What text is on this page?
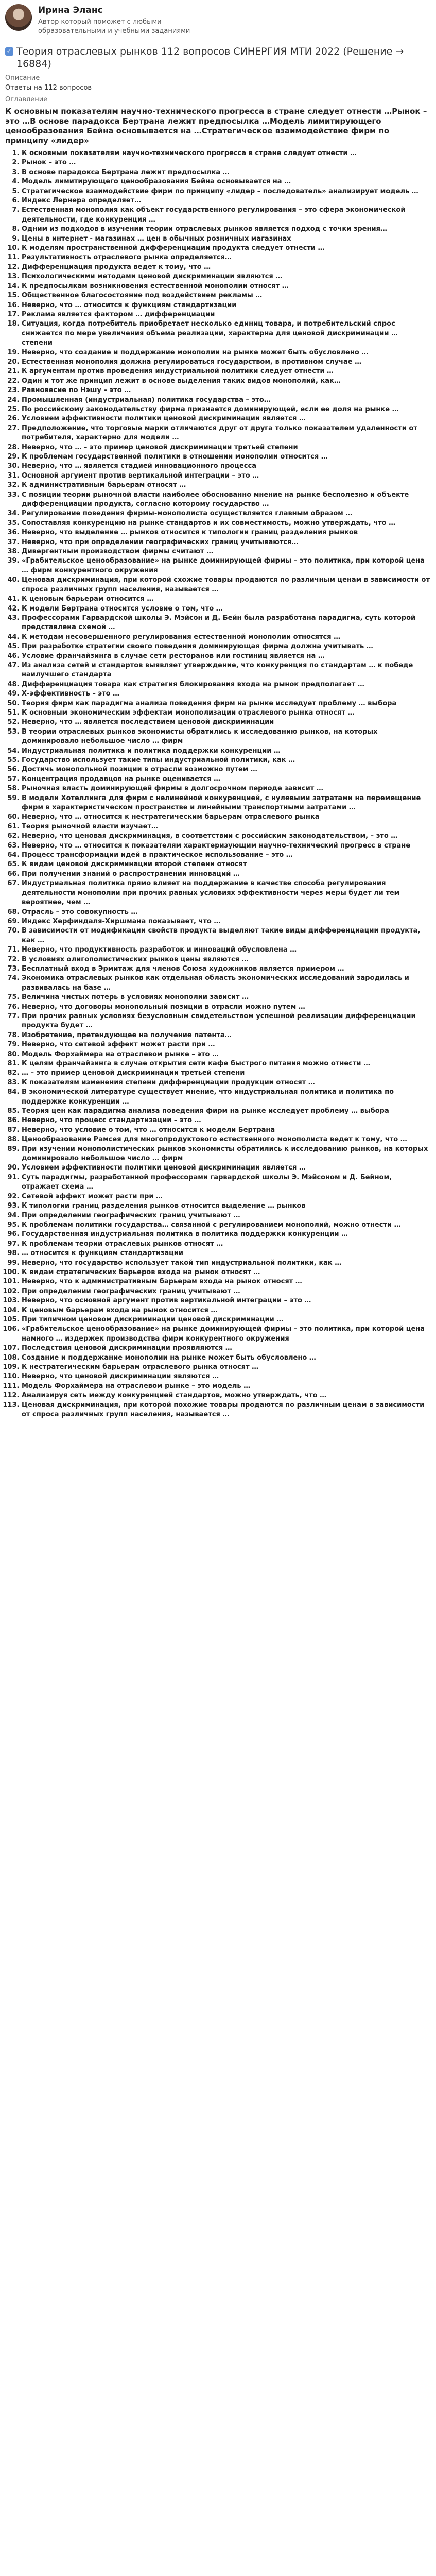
Ирина Эланс
Автор который поможет с любыми образовательными и учебными заданиями
✓ Теория отраслевых рынков 112 вопросов СИНЕРГИЯ МТИ 2022 (Решение → 16884)
Описание
Ответы на 112 вопросов
Оглавление
К основным показателям научно-технического прогресса в стране следует отнести …Рынок – это …В основе парадокса Бертрана лежит предпосылка …Модель лимитирующего ценообразования Бейна основывается на …Стратегическое взаимодействие фирм по принципу «лидер»
1. К основным показателям научно-технического прогресса в стране следует отнести …
2. Рынок – это …
3. В основе парадокса Бертрана лежит предпосылка …
4. Модель лимитирующего ценообразования Бейна основывается на …
5. Стратегическое взаимодействие фирм по принципу «лидер – последователь» анализирует модель …
6. Индекс Лернера определяет…
7. Естественная монополия как объект государственного регулирования – это сфера экономической деятельности, где конкуренция …
8. Одним из подходов в изучении теории отраслевых рынков является подход с точки зрения…
9. Цены в интернет - магазинах … цен в обычных розничных магазинах
10. К моделям пространственной дифференциации продукта следует отнести …
11. Результативность отраслевого рынка определяется…
12. Дифференциация продукта ведет к тому, что …
13. Психологическими методами ценовой дискриминации являются …
14. К предпосылкам возникновения естественной монополии относят …
15. Общественное благосостояние под воздействием рекламы …
16. Неверно, что … относится к функциям стандартизации
17. Реклама является фактором … дифференциации
18. Ситуация, когда потребитель приобретает несколько единиц товара, и потребительский спрос снижается по мере увеличения объема реализации, характерна для ценовой дискриминации … степени
19. Неверно, что создание и поддержание монополии на рынке может быть обусловлено …
20. Естественная монополия должна регулироваться государством, в противном случае …
21. К аргументам против проведения индустриальной политики следует отнести …
22. Один и тот же принцип лежит в основе выделения таких видов монополий, как…
23. Равновесие по Нэшу – это …
24. Промышленная (индустриальная) политика государства – это…
25. По российскому законодательству фирма признается доминирующей, если ее доля на рынке …
26. Условием эффективности политики ценовой дискриминации является …
27. Предположение, что торговые марки отличаются друг от друга только показателем удаленности от потребителя, характерно для модели …
28. Неверно, что … – это пример ценовой дискриминации третьей степени
29. К проблемам государственной политики в отношении монополии относится …
30. Неверно, что … является стадией инновационного процесса
31. Основной аргумент против вертикальной интеграции – это …
32. К административным барьерам относят …
33. С позиции теории рыночной власти наиболее обоснованно мнение на рынке бесполезно и объекте дифференциации продукта, согласно которому государство …
34. Регулирование поведения фирмы-монополиста осуществляется главным образом …
35. Сопоставляя конкуренцию на рынке стандартов и их совместимость, можно утверждать, что …
36. Неверно, что выделение … рынков относится к типологии границ разделения рынков
37. Неверно, что при определении географических границ учитываются…
38. Дивергентным производством фирмы считают …
39. «Грабительское ценообразование» на рынке доминирующей фирмы – это политика, при которой цена … фирм конкурентного окружения
40. Ценовая дискриминация, при которой схожие товары продаются по различным ценам в зависимости от спроса различных групп населения, называется …
41. К ценовым барьерам относится …
42. К модели Бертрана относится условие о том, что …
43. Профессорами Гарвардской школы Э. Мэйсон и Д. Бейн была разработана парадигма, суть которой представлена схемой …
44. К методам несовершенного регулирования естественной монополии относятся …
45. При разработке стратегии своего поведения доминирующая фирма должна учитывать …
46. Условие франчайзинга в случае сети ресторанов или гостиниц является на …
47. Из анализа сетей и стандартов выявляет утверждение, что конкуренция по стандартам … к победе наилучшего стандарта
48. Дифференциация товара как стратегия блокирования входа на рынок предполагает …
49. Х-эффективность – это …
50. Теория фирм как парадигма анализа поведения фирм на рынке исследует проблему … выбора
51. К основным экономическим эффектам монополизации отраслевого рынка относят …
52. Неверно, что … является последствием ценовой дискриминации
53. В теории отраслевых рынков экономисты обратились к исследованию рынков, на которых доминировало небольшое число … фирм
54. Индустриальная политика и политика поддержки конкуренции …
55. Государство использует такие типы индустриальной политики, как …
56. Достичь монопольной позиции в отрасли возможно путем …
57. Концентрация продавцов на рынке оценивается …
58. Рыночная власть доминирующей фирмы в долгосрочном периоде зависит …
59. В модели Хотеллинга для фирм с нелинейной конкуренцией, с нулевыми затратами на перемещение фирм в характеристическом пространстве и линейными транспортными затратами …
60. Неверно, что … относится к нестратегическим барьерам отраслевого рынка
61. Теория рыночной власти изучает…
62. Неверно, что ценовая дискриминация, в соответствии с российским законодательством, – это …
63. Неверно, что … относится к показателям характеризующим научно-технический прогресс в стране
64. Процесс трансформации идей в практическое использование – это …
65. К видам ценовой дискриминации второй степени относят
66. При получении знаний о распространении инноваций …
67. Индустриальная политика прямо влияет на поддержание в качестве способа регулирования деятельности монополии при прочих равных условиях эффективности через меры будет ли тем вероятнее, чем …
68. Отрасль – это совокупность …
69. Индекс Херфиндаля-Хиршмана показывает, что …
70. В зависимости от модификации свойств продукта выделяют такие виды дифференциации продукта, как …
71. Неверно, что продуктивность разработок и инноваций обусловлена …
72. В условиях олигополистических рынков цены являются …
73. Бесплатный вход в Эрмитаж для членов Союза художников является примером …
74. Экономика отраслевых рынков как отдельная область экономических исследований зародилась и развивалась на базе …
75. Величина чистых потерь в условиях монополии зависит …
76. Неверно, что договоры монопольный позиции в отрасли можно путем …
77. При прочих равных условиях безусловным свидетельством успешной реализации дифференциации продукта будет …
78. Изобретение, претендующее на получение патента…
79. Неверно, что сетевой эффект может расти при …
80. Модель Форхаймера на отраслевом рынке – это …
81. К целям франчайзинга в случае открытия сети кафе быстрого питания можно отнести …
82. … – это пример ценовой дискриминации третьей степени
83. К показателям изменения степени дифференциации продукции относят …
84. В экономической литературе существует мнение, что индустриальная политика и политика по поддержке конкуренции …
85. Теория цен как парадигма анализа поведения фирм на рынке исследует проблему … выбора
86. Неверно, что процесс стандартизации – это …
87. Неверно, что условие о том, что … относится к модели Бертрана
88. Ценообразование Рамсея для многопродуктового естественного монополиста ведет к тому, что …
89. При изучении монополистических рынков экономисты обратились к исследованию рынков, на которых доминировало небольшое число … фирм
90. Условием эффективности политики ценовой дискриминации является …
91. Суть парадигмы, разработанной профессорами гарвардской школы Э. Мэйсоном и Д. Бейном, отражает схема …
92. Сетевой эффект может расти при …
93. К типологии границ разделения рынков относится выделение … рынков
94. При определении географических границ учитывают …
95. К проблемам политики государства… связанной с регулированием монополий, можно отнести …
96. Государственная индустриальная политика в политика поддержки конкуренции …
97. К проблемам теории отраслевых рынков относят …
98. … относится к функциям стандартизации
99. Неверно, что государство использует такой тип индустриальной политики, как …
100. К видам стратегических барьеров входа на рынок относят …
101. Неверно, что к административным барьерам входа на рынок относят …
102. При определении географических границ учитывают …
103. Неверно, что основной аргумент против вертикальной интеграции – это …
104. К ценовым барьерам входа на рынок относится …
105. При типичном ценовом дискриминации ценовой дискриминации …
106. «Грабительское ценообразование» на рынке доминирующей фирмы – это политика, при которой цена намного … издержек производства фирм конкурентного окружения
107. Последствия ценовой дискриминации проявляются …
108. Создание и поддержание монополии на рынке может быть обусловлено …
109. К нестратегическим барьерам отраслевого рынка относят …
110. Неверно, что ценовой дискриминации являются …
111. Модель Форхаймера на отраслевом рынке – это модель …
112. Анализируя сеть между конкуренцией стандартов, можно утверждать, что …
113. Ценовая дискриминация, при которой похожие товары продаются по различным ценам в зависимости от спроса различных групп населения, называется …
